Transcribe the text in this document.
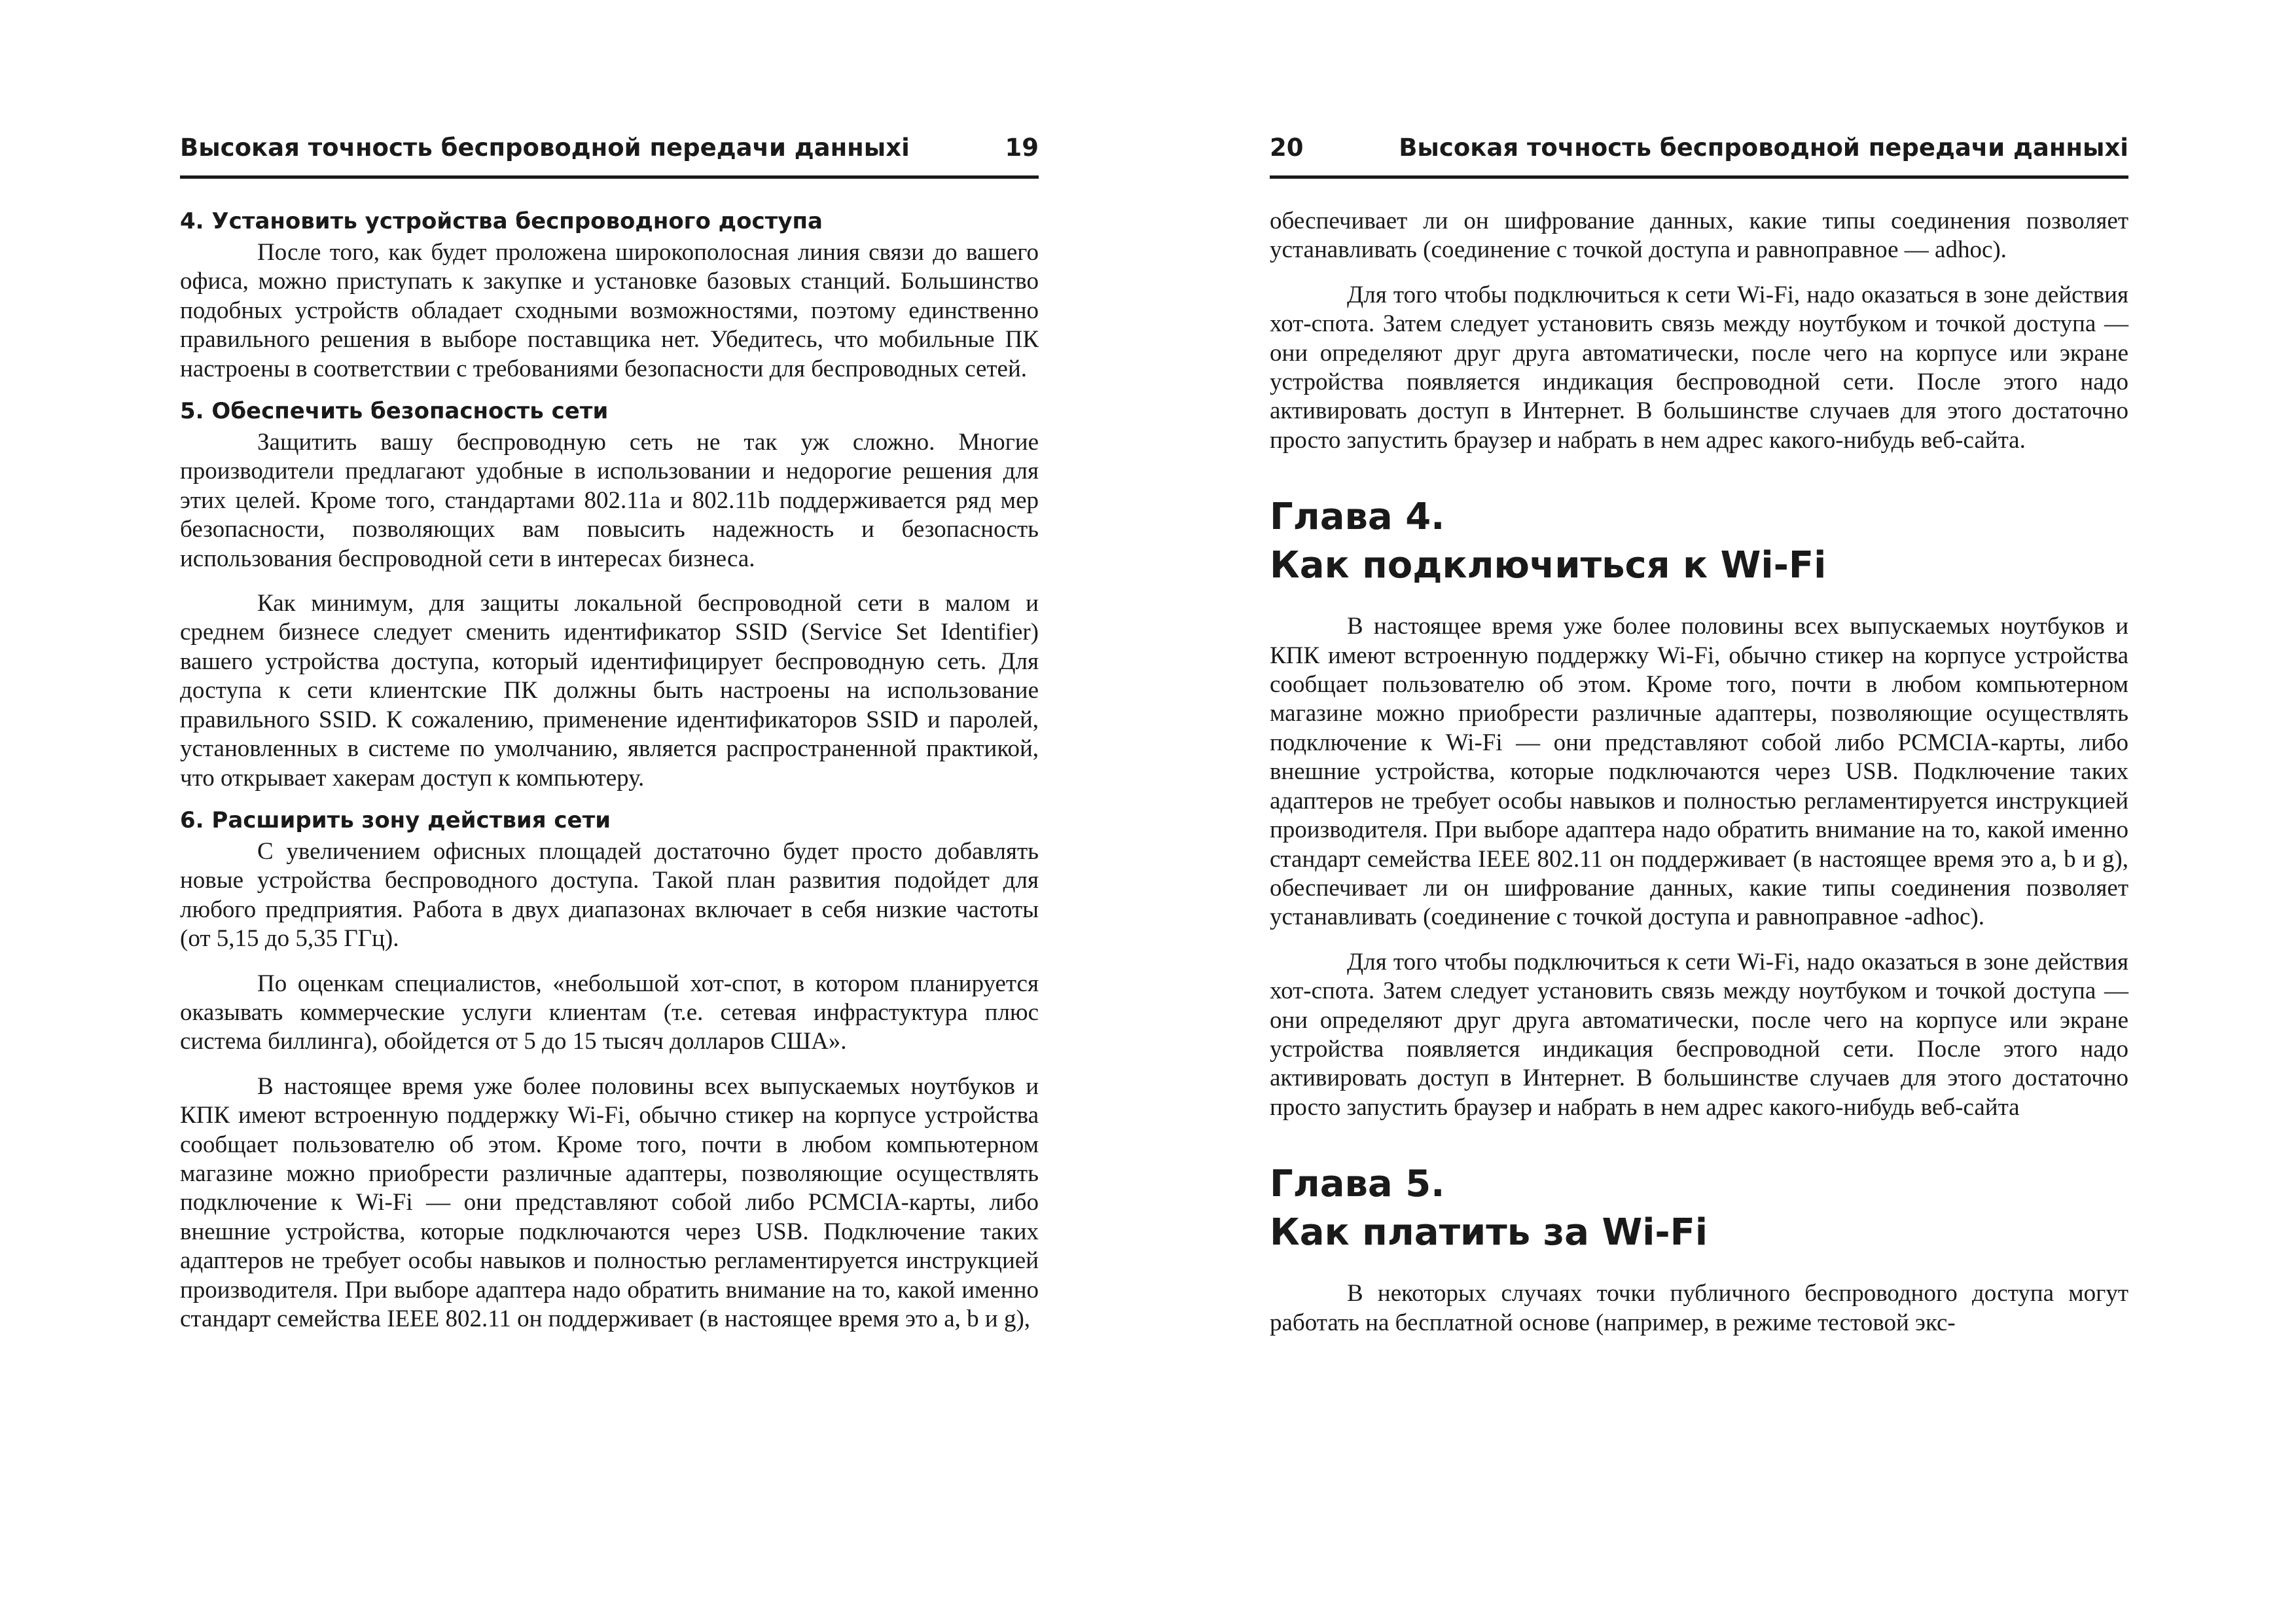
Высокая точность беспроводной передачи данныхі	19
4. Установить устройства беспроводного доступа

После того, как будет проложена широкополосная линия связи до вашего офиса, можно приступать к закупке и установке базовых станций. Большинство подобных устройств обладает сходными возможностями, поэтому единственно правильного решения в выборе поставщика нет. Убедитесь, что мобильные ПК настроены в соответствии с требованиями безопасности для беспроводных сетей.

5. Обеспечить безопасность сети

Защитить вашу беспроводную сеть не так уж сложно. Многие производители предлагают удобные в использовании и недорогие решения для этих целей. Кроме того, стандартами 802.11a и 802.11b поддерживается ряд мер безопасности, позволяющих вам повысить надежность и безопасность использования беспроводной сети в интересах бизнеса.

Как минимум, для защиты локальной беспроводной сети в малом и среднем бизнесе следует сменить идентификатор SSID (Service Set Identifier) вашего устройства доступа, который идентифицирует беспроводную сеть. Для доступа к сети клиентские ПК должны быть настроены на использование правильного SSID. К сожалению, применение идентификаторов SSID и паролей, установленных в системе по умолчанию, является распространенной практикой, что открывает хакерам доступ к компьютеру.

6. Расширить зону действия сети

С увеличением офисных площадей достаточно будет просто добавлять новые устройства беспроводного доступа. Такой план развития подойдет для любого предприятия. Работа в двух диапазонах включает в себя низкие частоты (от 5,15 до 5,35 ГГц).

По оценкам специалистов, «небольшой хот-спот, в котором планируется оказывать коммерческие услуги клиентам (т.е. сетевая инфрастуктура плюс система биллинга), обойдется от 5 до 15 тысяч долларов США».

В настоящее время уже более половины всех выпускаемых ноутбуков и КПК имеют встроенную поддержку Wi-Fi, обычно стикер на корпусе устройства сообщает пользователю об этом. Кроме того, почти в любом компьютерном магазине можно приобрести различные адаптеры, позволяющие осуществлять подключение к Wi-Fi — они представляют собой либо PCMCIA-карты, либо внешние устройства, которые подключаются через USB. Подключение таких адаптеров не требует особы навыков и полностью регламентируется инструкцией производителя. При выборе адаптера надо обратить внимание на то, какой именно стандарт семейства IEEE 802.11 он поддерживает (в настоящее время это a, b и g),

20	Высокая точность беспроводной передачи данныхі

обеспечивает ли он шифрование данных, какие типы соединения позволяет устанавливать (соединение с точкой доступа и равноправное — adhoc).

Для того чтобы подключиться к сети Wi-Fi, надо оказаться в зоне действия хот-спота. Затем следует установить связь между ноутбуком и точкой доступа — они определяют друг друга автоматически, после чего на корпусе или экране устройства появляется индикация беспроводной сети. После этого надо активировать доступ в Интернет. В большинстве случаев для этого достаточно просто запустить браузер и набрать в нем адрес какого-нибудь веб-сайта.

Глава 4.
Как подключиться к Wi-Fi

В настоящее время уже более половины всех выпускаемых ноутбуков и КПК имеют встроенную поддержку Wi-Fi, обычно стикер на корпусе устройства сообщает пользователю об этом. Кроме того, почти в любом компьютерном магазине можно приобрести различные адаптеры, позволяющие осуществлять подключение к Wi-Fi — они представляют собой либо PCMCIA-карты, либо внешние устройства, которые подключаются через USB. Подключение таких адаптеров не требует особы навыков и полностью регламентируется инструкцией производителя. При выборе адаптера надо обратить внимание на то, какой именно стандарт семейства IEEE 802.11 он поддерживает (в настоящее время это a, b и g), обеспечивает ли он шифрование данных, какие типы соединения позволяет устанавливать (соединение с точкой доступа и равноправное -adhoc).

Для того чтобы подключиться к сети Wi-Fi, надо оказаться в зоне действия хот-спота. Затем следует установить связь между ноутбуком и точкой доступа — они определяют друг друга автоматически, после чего на корпусе или экране устройства появляется индикация беспроводной сети. После этого надо активировать доступ в Интернет. В большинстве случаев для этого достаточно просто запустить браузер и набрать в нем адрес какого-нибудь веб-сайта

Глава 5.
Как платить за Wi-Fi

В некоторых случаях точки публичного беспроводного доступа могут работать на бесплатной основе (например, в режиме тестовой экс-
